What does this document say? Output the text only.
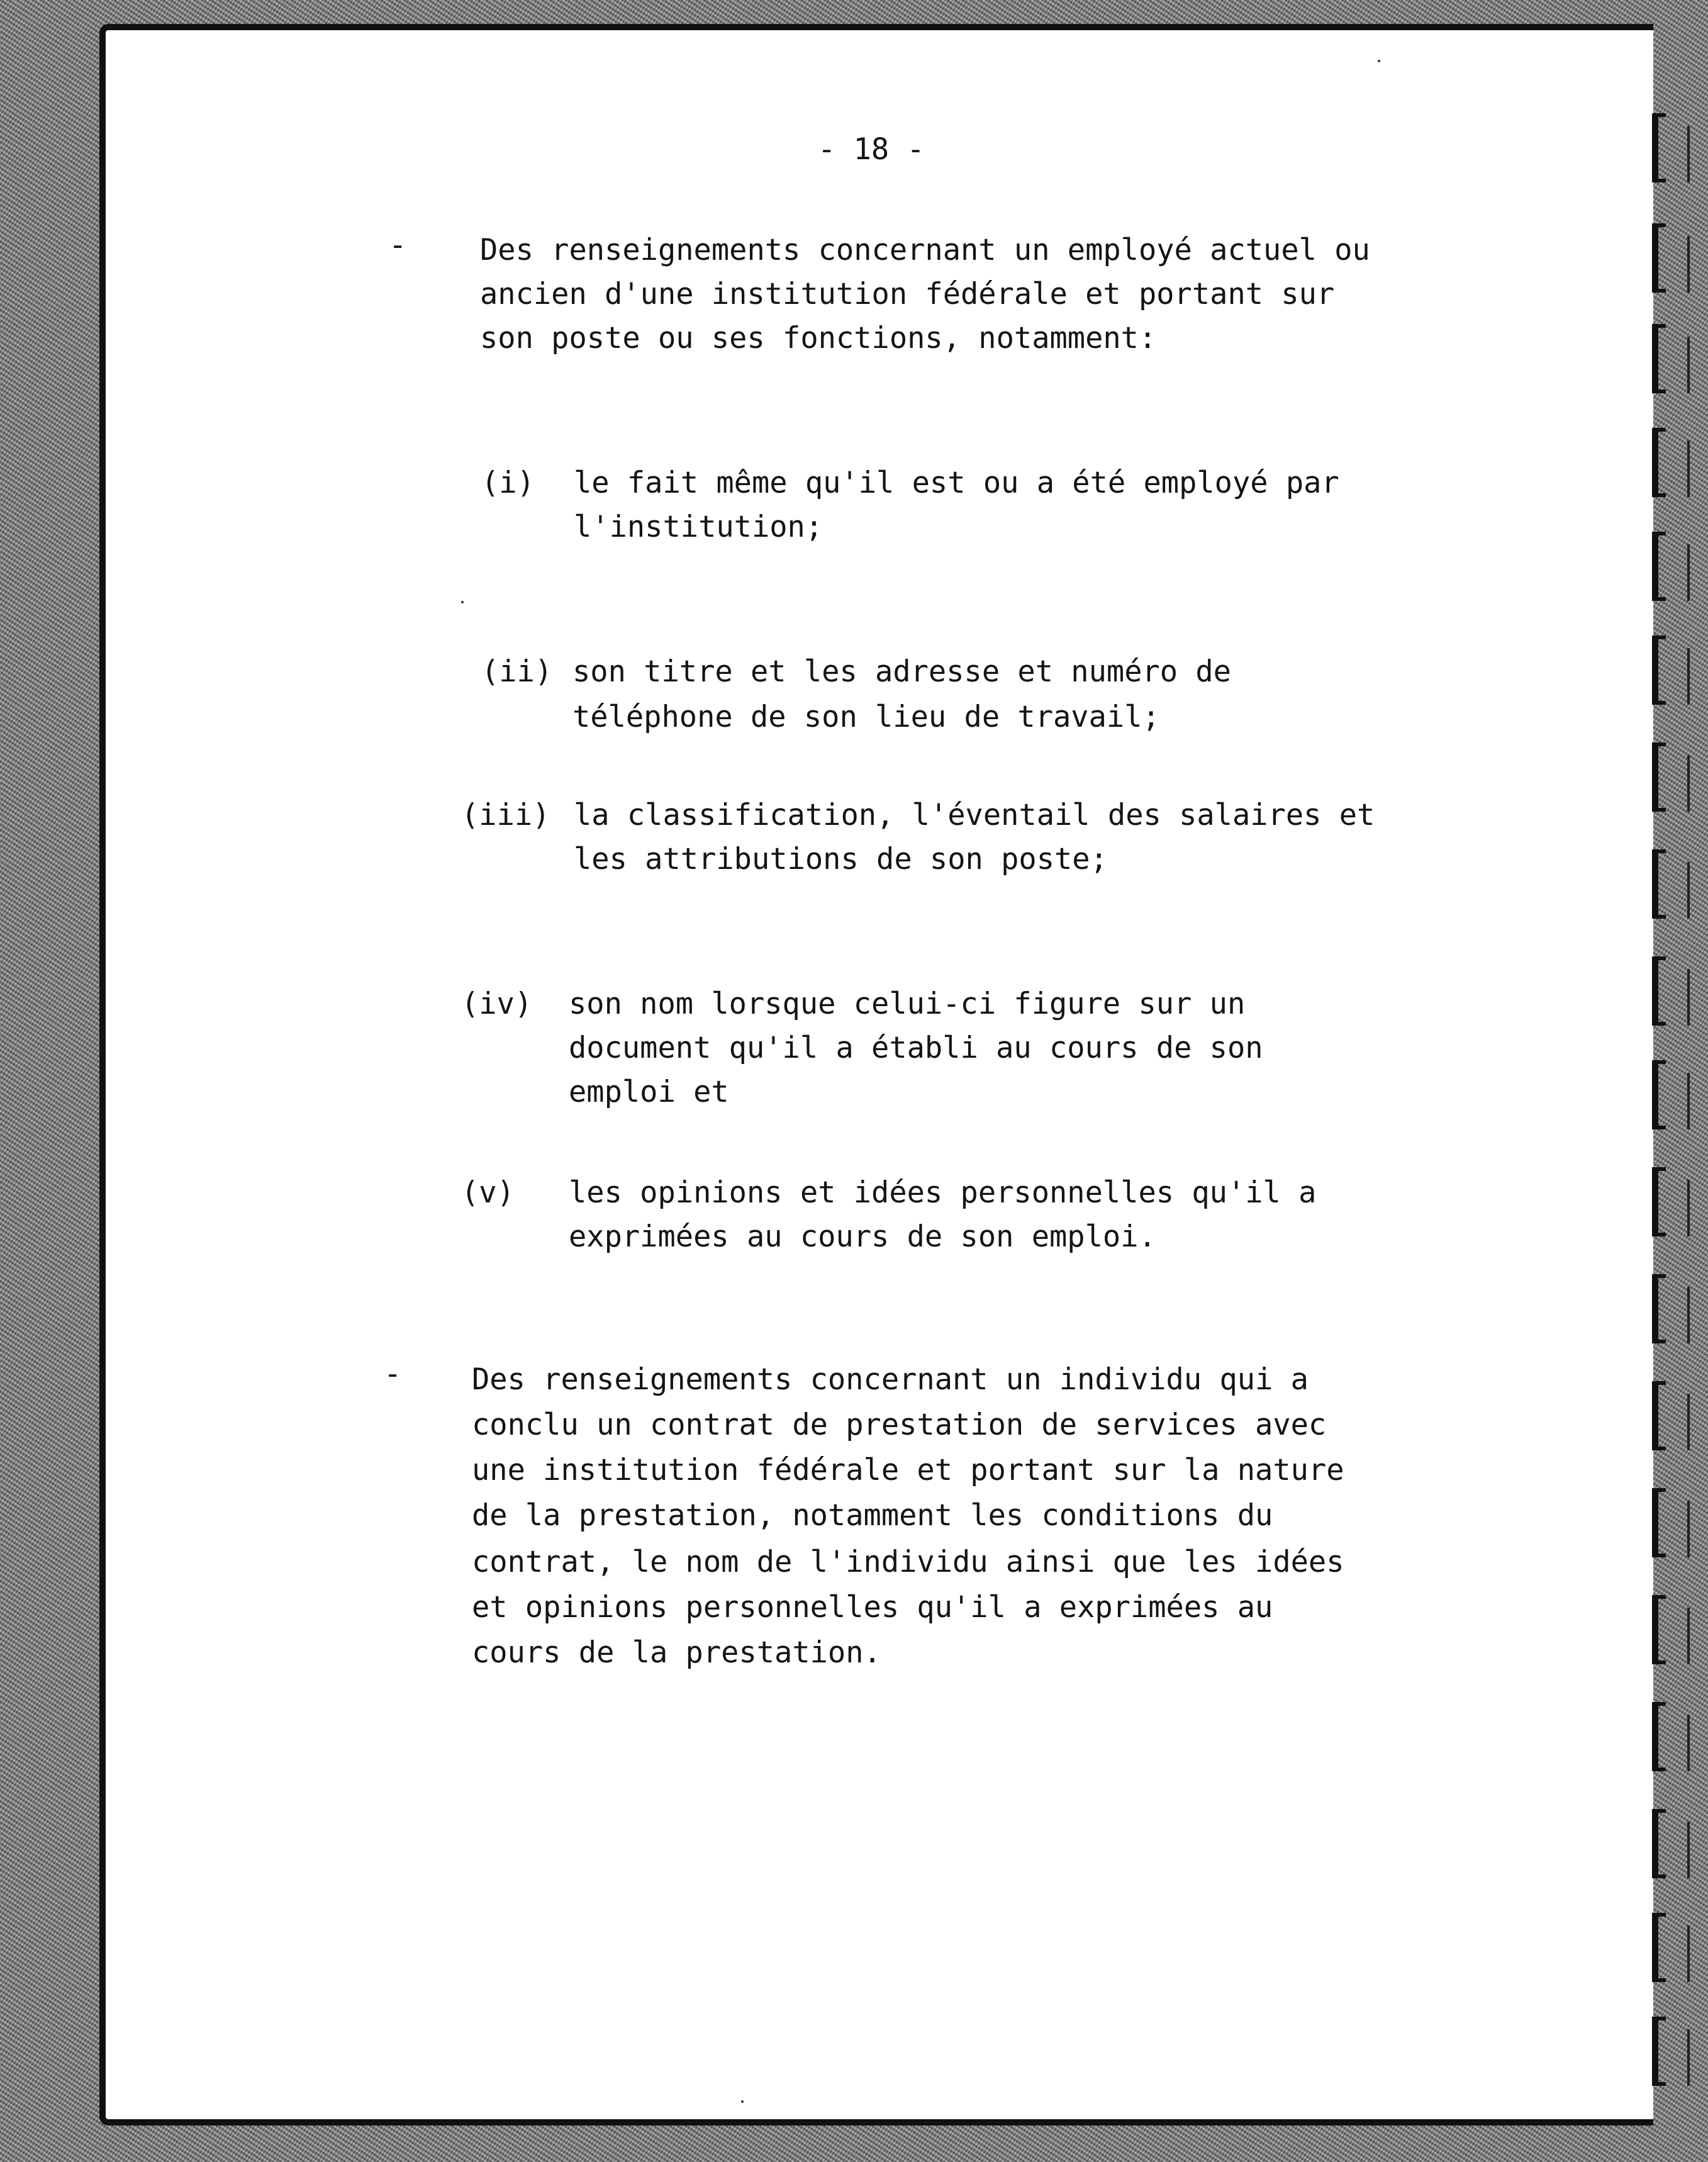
- 18 -
-

Des renseignements concernant un employé actuel ou

ancien d'une institution fédérale et portant sur

son poste ou ses fonctions, notamment:

(i)

le fait même qu'il est ou a été employé par

l'institution;

(ii)

son titre et les adresse et numéro de

téléphone de son lieu de travail;

(iii)

la classification, l'éventail des salaires et

les attributions de son poste;

(iv)

son nom lorsque celui-ci figure sur un

document qu'il a établi au cours de son

emploi et

(v)

les opinions et idées personnelles qu'il a

exprimées au cours de son emploi.

-

Des renseignements concernant un individu qui a

conclu un contrat de prestation de services avec

une institution fédérale et portant sur la nature

de la prestation, notamment les conditions du

contrat, le nom de l'individu ainsi que les idées

et opinions personnelles qu'il a exprimées au

cours de la prestation.
